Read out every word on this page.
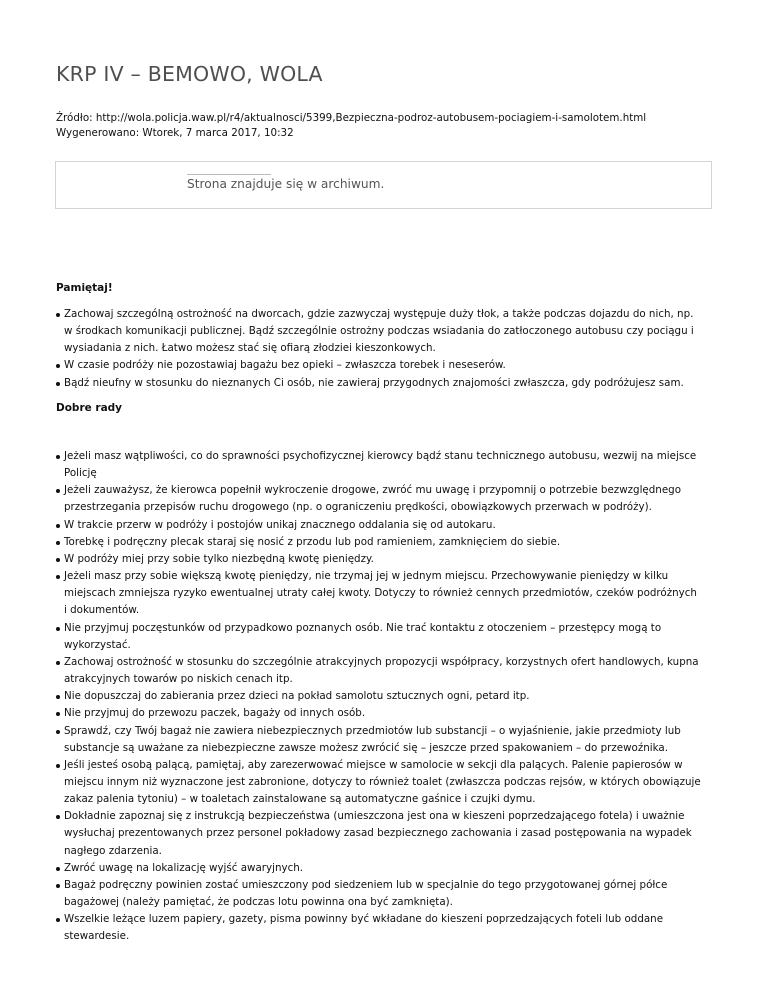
KRP IV – BEMOWO, WOLA
Źródło: http://wola.policja.waw.pl/r4/aktualnosci/5399,Bezpieczna-podroz-autobusem-pociagiem-i-samolotem.html
Wygenerowano: Wtorek, 7 marca 2017, 10:32
Strona znajduje się w archiwum.
Pamiętaj!
Zachowaj szczególną ostrożność na dworcach, gdzie zazwyczaj występuje duży tłok, a także podczas dojazdu do nich, np.
w środkach komunikacji publicznej. Bądź szczególnie ostrożny podczas wsiadania do zatłoczonego autobusu czy pociągu i
wysiadania z nich. Łatwo możesz stać się ofiarą złodziei kieszonkowych.
W czasie podróży nie pozostawiaj bagażu bez opieki – zwłaszcza torebek i neseserów.
Bądź nieufny w stosunku do nieznanych Ci osób, nie zawieraj przygodnych znajomości zwłaszcza, gdy podróżujesz sam.
Dobre rady
Jeżeli masz wątpliwości, co do sprawności psychofizycznej kierowcy bądź stanu technicznego autobusu, wezwij na miejsce
Policję
Jeżeli zauważysz, że kierowca popełnił wykroczenie drogowe, zwróć mu uwagę i przypomnij o potrzebie bezwzględnego
przestrzegania przepisów ruchu drogowego (np. o ograniczeniu prędkości, obowiązkowych przerwach w podróży).
W trakcie przerw w podróży i postojów unikaj znacznego oddalania się od autokaru.
Torebkę i podręczny plecak staraj się nosić z przodu lub pod ramieniem, zamknięciem do siebie.
W podróży miej przy sobie tylko niezbędną kwotę pieniędzy.
Jeżeli masz przy sobie większą kwotę pieniędzy, nie trzymaj jej w jednym miejscu. Przechowywanie pieniędzy w kilku
miejscach zmniejsza ryzyko ewentualnej utraty całej kwoty. Dotyczy to również cennych przedmiotów, czeków podróżnych
i dokumentów.
Nie przyjmuj poczęstunków od przypadkowo poznanych osób. Nie trać kontaktu z otoczeniem – przestępcy mogą to
wykorzystać.
Zachowaj ostrożność w stosunku do szczególnie atrakcyjnych propozycji współpracy, korzystnych ofert handlowych, kupna
atrakcyjnych towarów po niskich cenach itp.
Nie dopuszczaj do zabierania przez dzieci na pokład samolotu sztucznych ogni, petard itp.
Nie przyjmuj do przewozu paczek, bagaży od innych osób.
Sprawdź, czy Twój bagaż nie zawiera niebezpiecznych przedmiotów lub substancji – o wyjaśnienie, jakie przedmioty lub
substancje są uważane za niebezpieczne zawsze możesz zwrócić się – jeszcze przed spakowaniem – do przewoźnika.
Jeśli jesteś osobą palącą, pamiętaj, aby zarezerwować miejsce w samolocie w sekcji dla palących. Palenie papierosów w
miejscu innym niż wyznaczone jest zabronione, dotyczy to również toalet (zwłaszcza podczas rejsów, w których obowiązuje
zakaz palenia tytoniu) – w toaletach zainstalowane są automatyczne gaśnice i czujki dymu.
Dokładnie zapoznaj się z instrukcją bezpieczeństwa (umieszczona jest ona w kieszeni poprzedzającego fotela) i uważnie
wysłuchaj prezentowanych przez personel pokładowy zasad bezpiecznego zachowania i zasad postępowania na wypadek
nagłego zdarzenia.
Zwróć uwagę na lokalizację wyjść awaryjnych.
Bagaż podręczny powinien zostać umieszczony pod siedzeniem lub w specjalnie do tego przygotowanej górnej półce
bagażowej (należy pamiętać, że podczas lotu powinna ona być zamknięta).
Wszelkie leżące luzem papiery, gazety, pisma powinny być wkładane do kieszeni poprzedzających foteli lub oddane
stewardesie.
